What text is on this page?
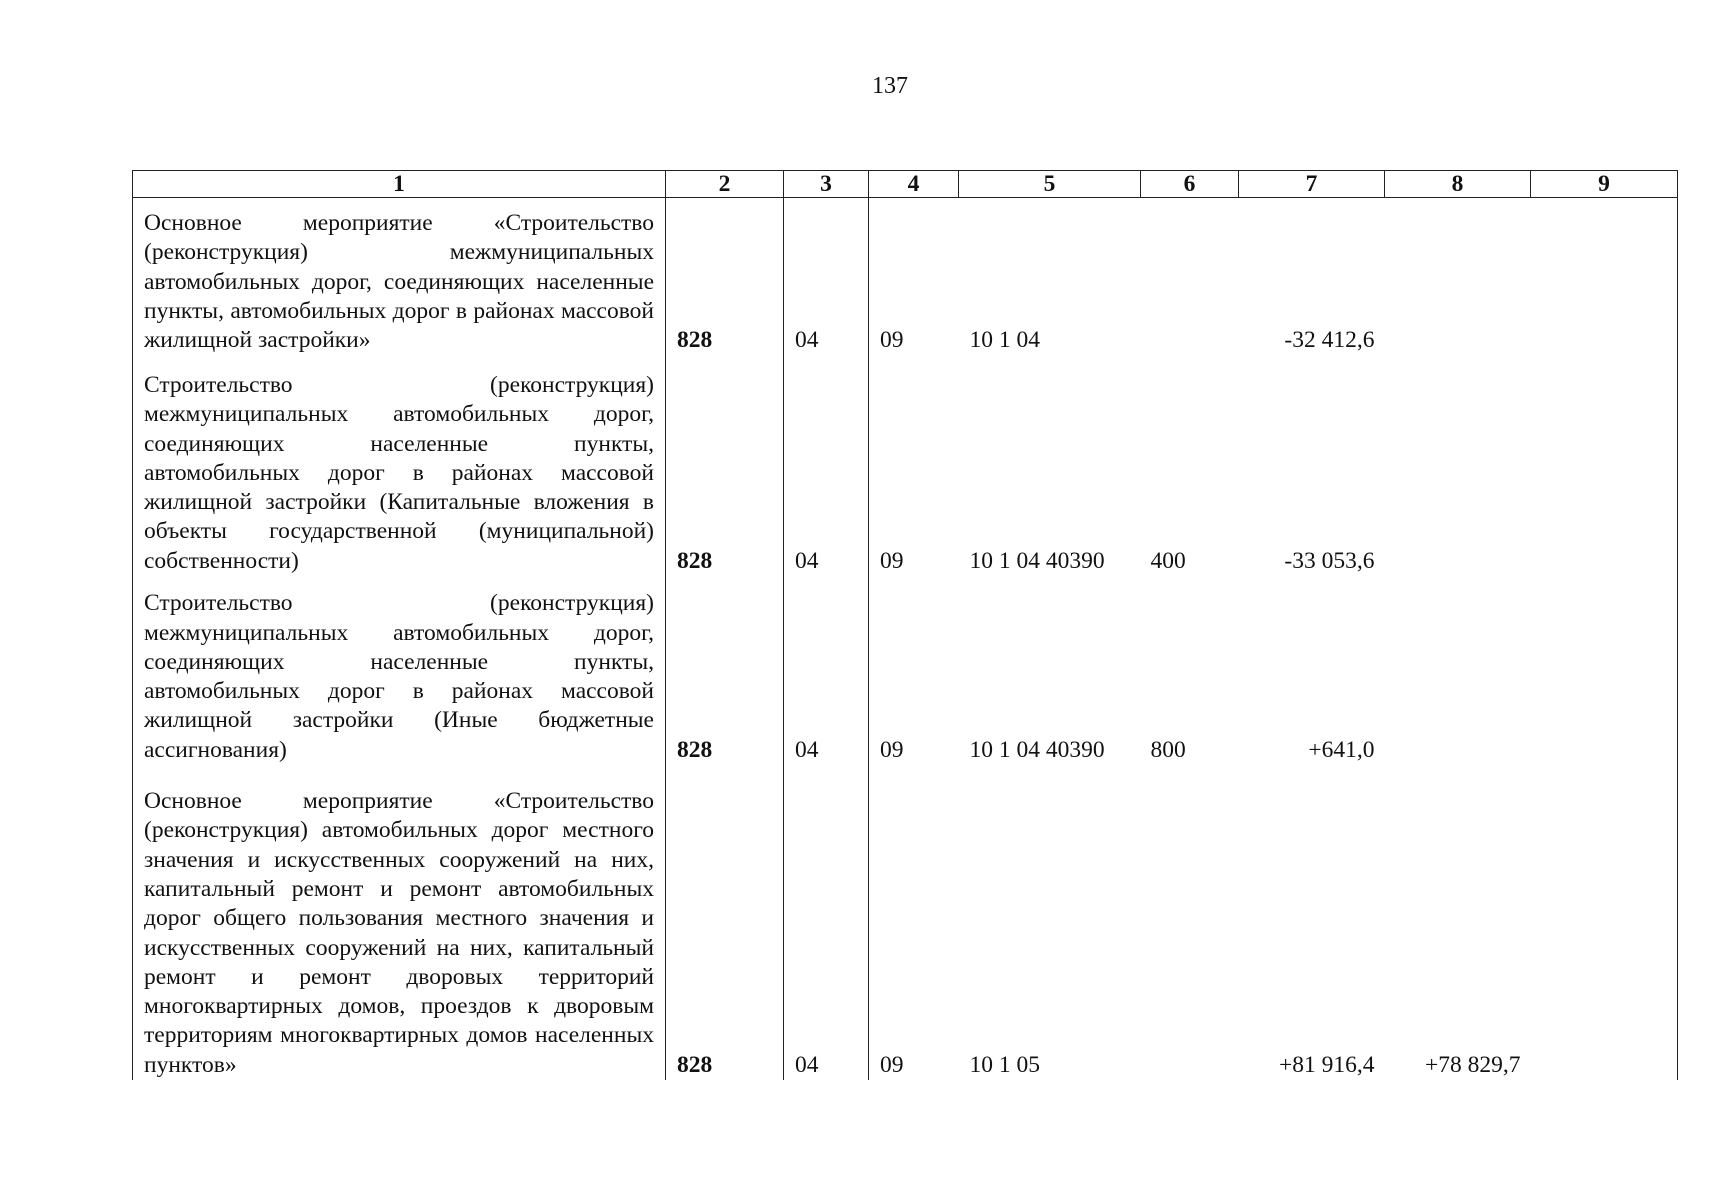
137
1	2	3	4	5	6	7	8	9
Основное мероприятие «Строительство (реконструкция) межмуниципальных автомобильных дорог, соединяющих населенные пункты, автомобильных дорог в районах массовой жилищной застройки»	828	04	09	10 1 04		-32 412,6		
Строительство (реконструкция) межмуниципальных автомобильных дорог, соединяющих населенные пункты, автомобильных дорог в районах массовой жилищной застройки (Капитальные вложения в объекты государственной (муниципальной) собственности)	828	04	09	10 1 04 40390	400	-33 053,6		
Строительство (реконструкция) межмуниципальных автомобильных дорог, соединяющих населенные пункты, автомобильных дорог в районах массовой жилищной застройки (Иные бюджетные ассигнования)	828	04	09	10 1 04 40390	800	+641,0		
Основное мероприятие «Строительство (реконструкция) автомобильных дорог местного значения и искусственных сооружений на них, капитальный ремонт и ремонт автомобильных дорог общего пользования местного значения и искусственных сооружений на них, капитальный ремонт и ремонт дворовых территорий многоквартирных домов, проездов к дворовым территориям многоквартирных домов населенных пунктов»	828	04	09	10 1 05		+81 916,4	+78 829,7	
